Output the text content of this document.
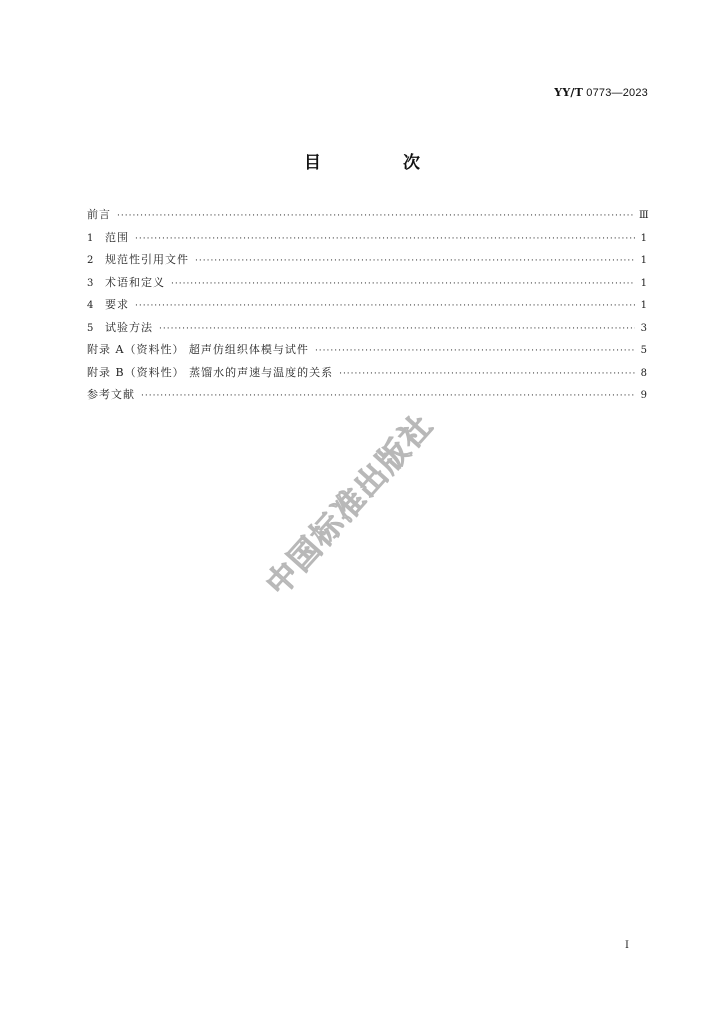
YY/T 0773—2023
目 次
前言 ·····	Ⅲ
1	范围 ·····	1
2	规范性引用文件 ·····	1
3	术语和定义 ·····	1
4	要求 ·····	1
5	试验方法 ·····	3
附录 A（资料性） 超声仿组织体模与试件 ·····	5
附录 B（资料性） 蒸馏水的声速与温度的关系 ·····	8
参考文献 ·····	9
中国标准出版社
I
